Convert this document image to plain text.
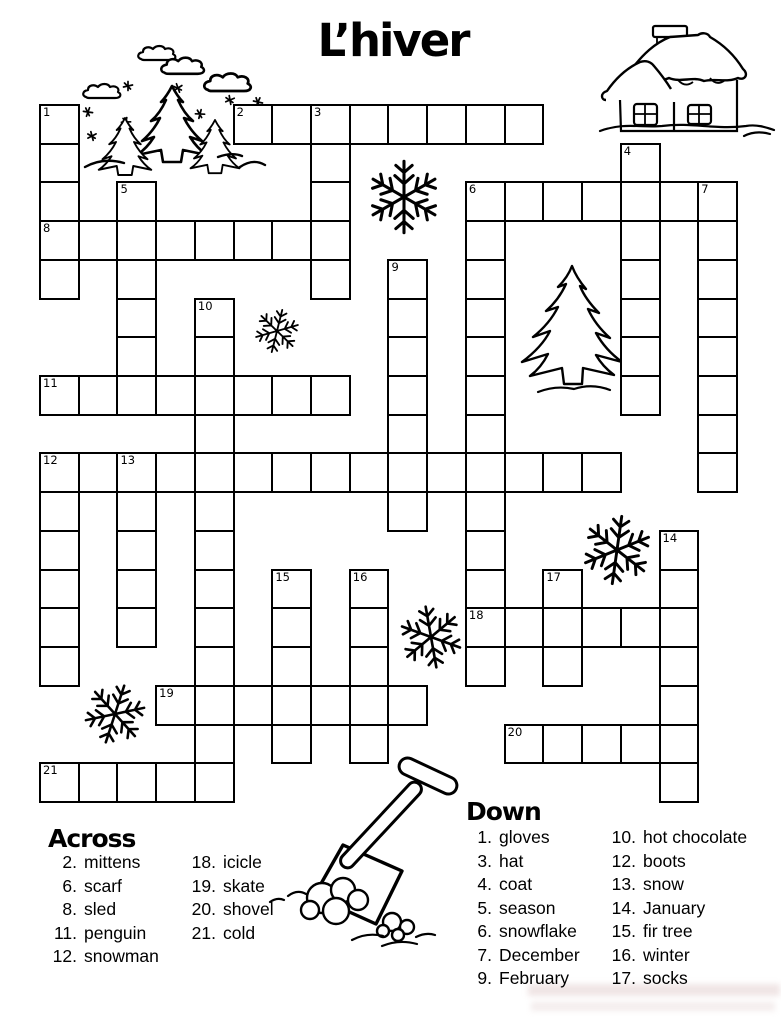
L’hiver
1	2	3
4
5	6	7
8
9
10
11
12	13
14
15	16	17
18
19
20
21
Across
2. mittens
6. scarf
8. sled
11. penguin
12. snowman
18. icicle
19. skate
20. shovel
21. cold
Down
1. gloves
3. hat
4. coat
5. season
6. snowflake
7. December
9. February
10. hot chocolate
12. boots
13. snow
14. January
15. fir tree
16. winter
17. socks
